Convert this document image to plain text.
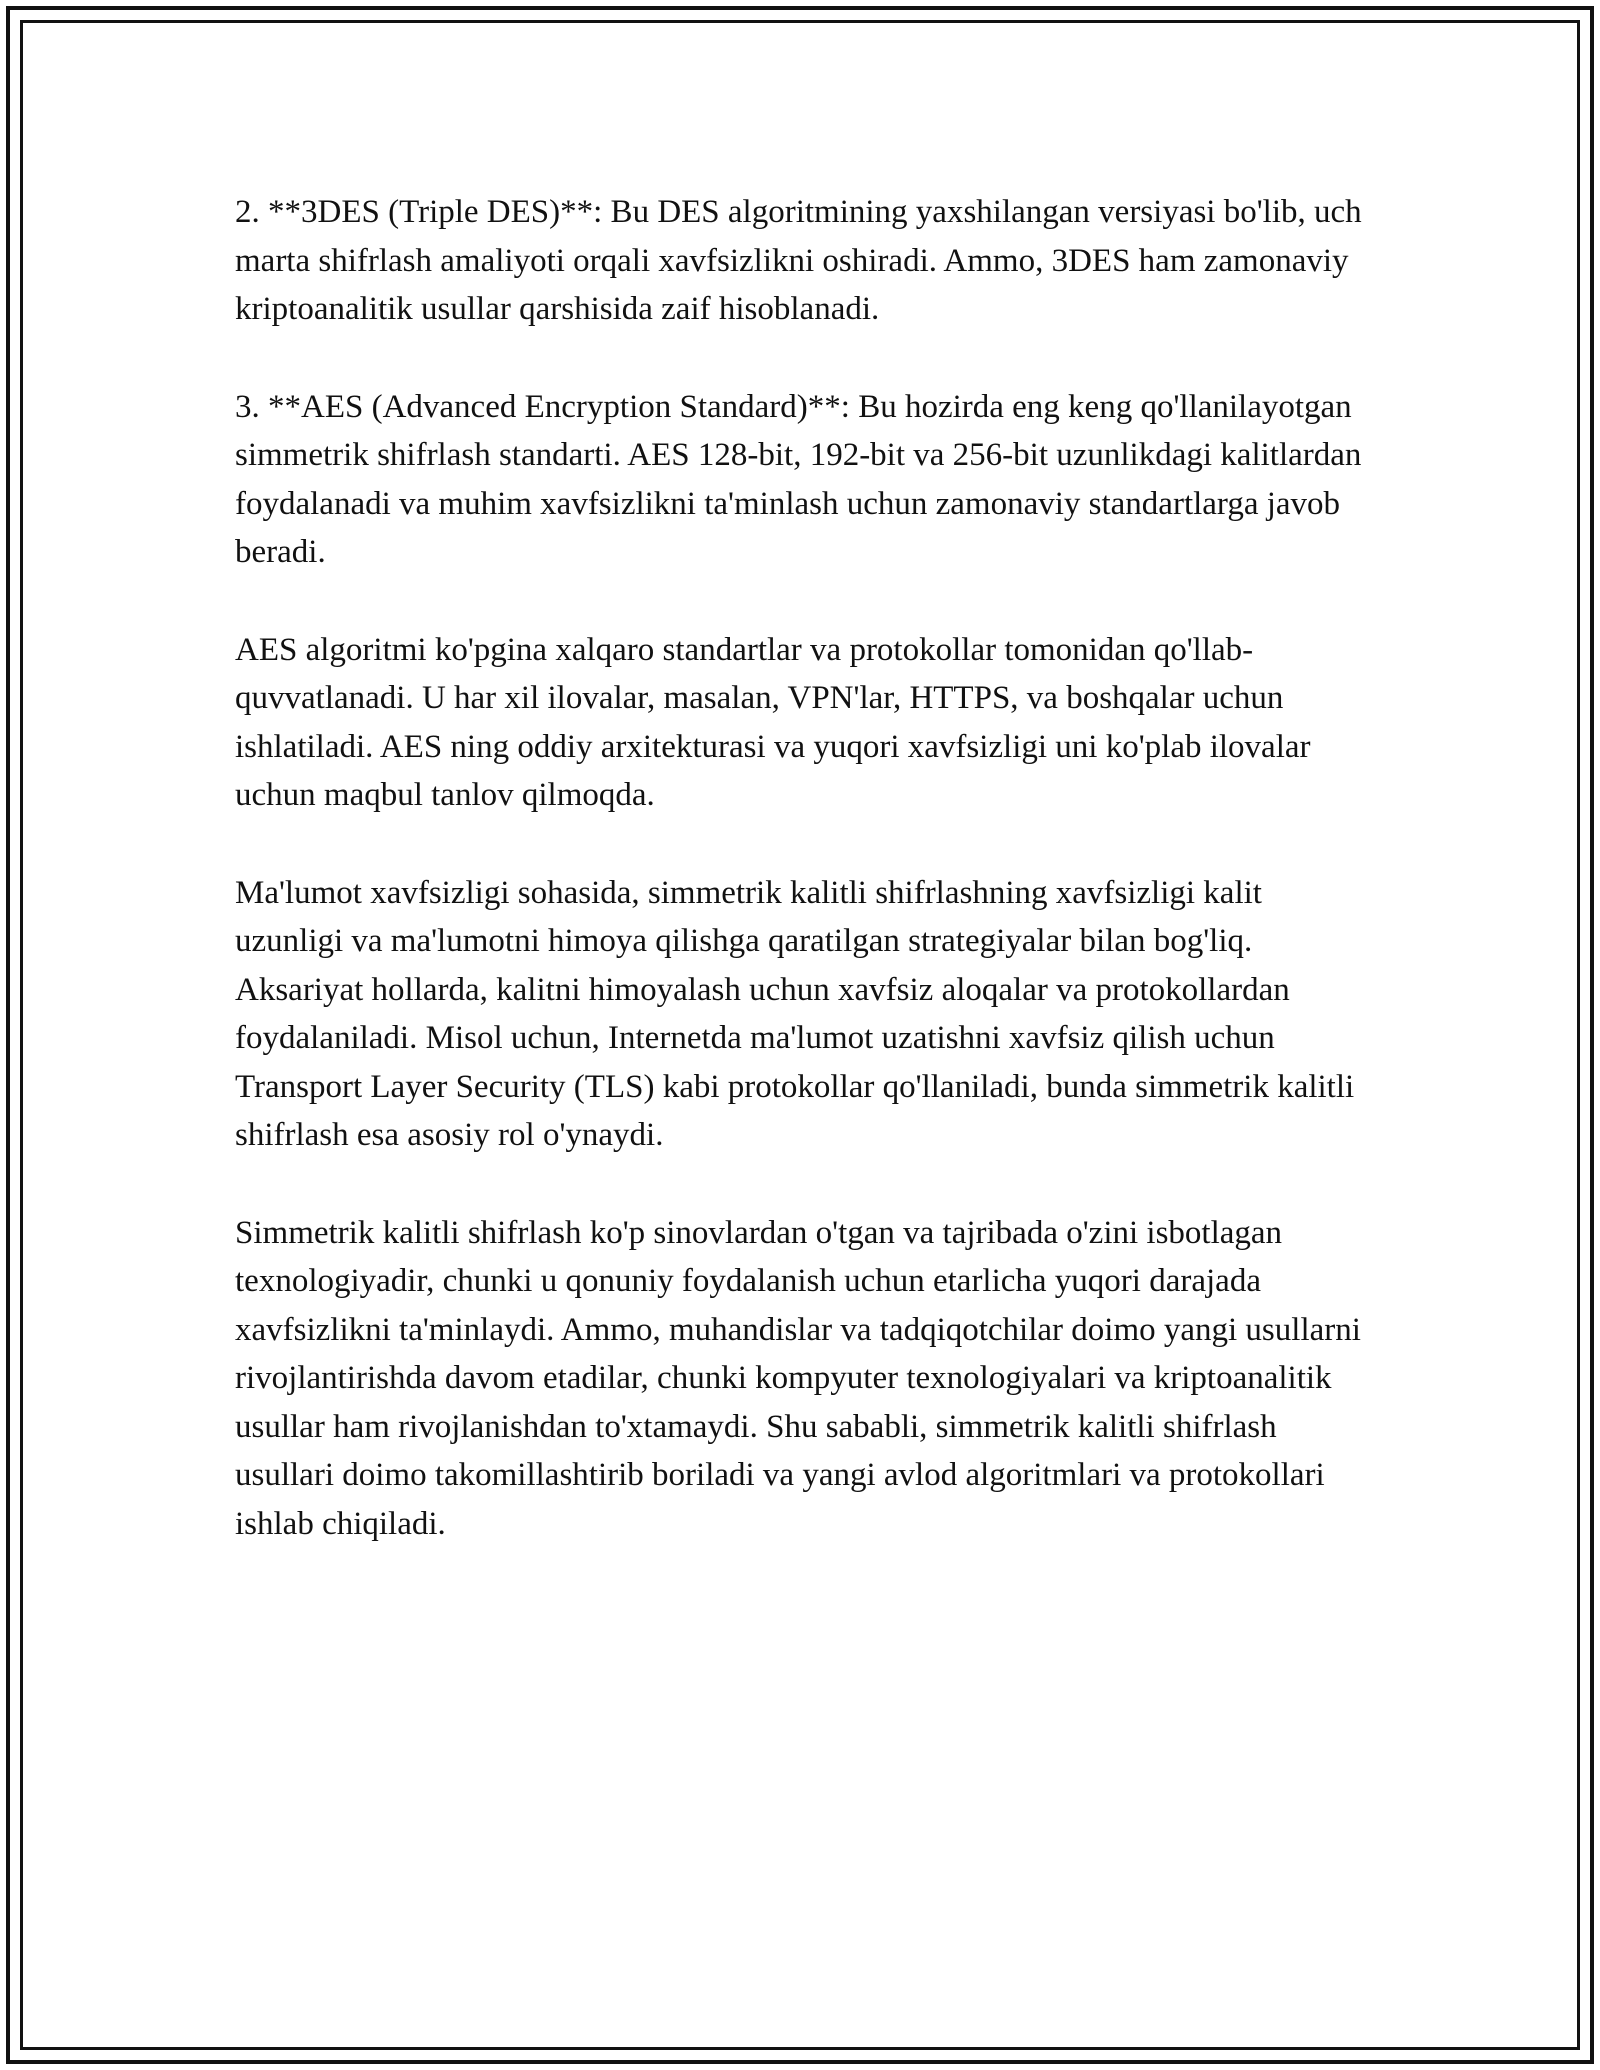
2. **3DES (Triple DES)**: Bu DES algoritmining yaxshilangan versiyasi bo'lib, uch marta shifrlash amaliyoti orqali xavfsizlikni oshiradi. Ammo, 3DES ham zamonaviy kriptoanalitik usullar qarshisida zaif hisoblanadi.

3. **AES (Advanced Encryption Standard)**: Bu hozirda eng keng qo'llanilayotgan simmetrik shifrlash standarti. AES 128-bit, 192-bit va 256-bit uzunlikdagi kalitlardan foydalanadi va muhim xavfsizlikni ta'minlash uchun zamonaviy standartlarga javob beradi.

AES algoritmi ko'pgina xalqaro standartlar va protokollar tomonidan qo'llab-quvvatlanadi. U har xil ilovalar, masalan, VPN'lar, HTTPS, va boshqalar uchun ishlatiladi. AES ning oddiy arxitekturasi va yuqori xavfsizligi uni ko'plab ilovalar uchun maqbul tanlov qilmoqda.

Ma'lumot xavfsizligi sohasida, simmetrik kalitli shifrlashning xavfsizligi kalit uzunligi va ma'lumotni himoya qilishga qaratilgan strategiyalar bilan bog'liq. Aksariyat hollarda, kalitni himoyalash uchun xavfsiz aloqalar va protokollardan foydalaniladi. Misol uchun, Internetda ma'lumot uzatishni xavfsiz qilish uchun Transport Layer Security (TLS) kabi protokollar qo'llaniladi, bunda simmetrik kalitli shifrlash esa asosiy rol o'ynaydi.

Simmetrik kalitli shifrlash ko'p sinovlardan o'tgan va tajribada o'zini isbotlagan texnologiyadir, chunki u qonuniy foydalanish uchun etarlicha yuqori darajada xavfsizlikni ta'minlaydi. Ammo, muhandislar va tadqiqotchilar doimo yangi usullarni rivojlantirishda davom etadilar, chunki kompyuter texnologiyalari va kriptoanalitik usullar ham rivojlanishdan to'xtamaydi. Shu sababli, simmetrik kalitli shifrlash usullari doimo takomillashtirib boriladi va yangi avlod algoritmlari va protokollari ishlab chiqiladi.
